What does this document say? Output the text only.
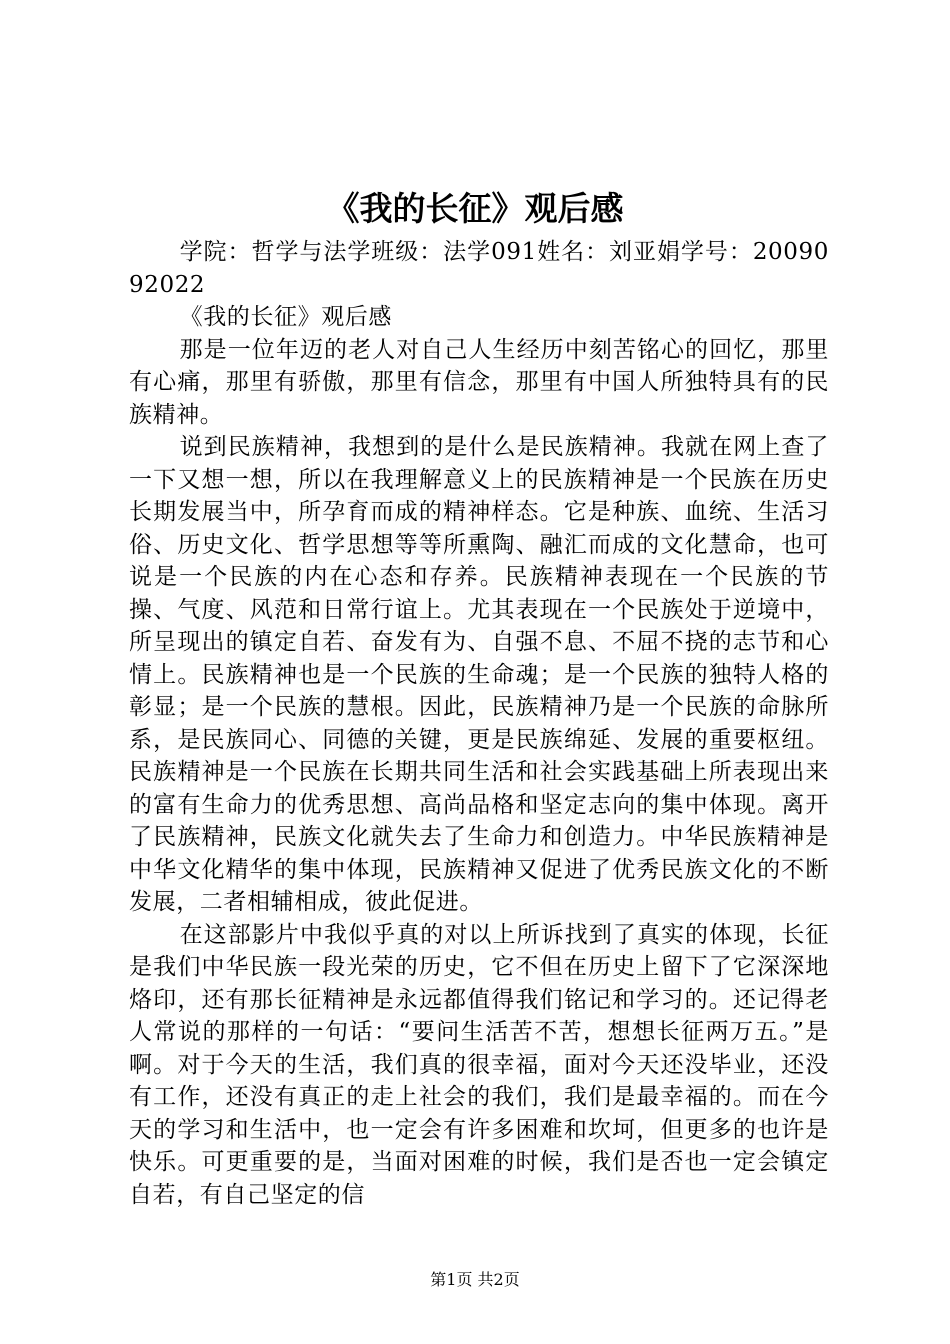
《我的长征》观后感

学院：哲学与法学班级：法学091姓名：刘亚娟学号：2009092022

《我的长征》观后感

那是一位年迈的老人对自己人生经历中刻苦铭心的回忆，那里有心痛，那里有骄傲，那里有信念，那里有中国人所独特具有的民族精神。

说到民族精神，我想到的是什么是民族精神。我就在网上查了一下又想一想，所以在我理解意义上的民族精神是一个民族在历史长期发展当中，所孕育而成的精神样态。它是种族、血统、生活习俗、历史文化、哲学思想等等所熏陶、融汇而成的文化慧命，也可说是一个民族的内在心态和存养。民族精神表现在一个民族的节操、气度、风范和日常行谊上。尤其表现在一个民族处于逆境中，所呈现出的镇定自若、奋发有为、自强不息、不屈不挠的志节和心情上。民族精神也是一个民族的生命魂；是一个民族的独特人格的彰显；是一个民族的慧根。因此，民族精神乃是一个民族的命脉所系，是民族同心、同德的关键，更是民族绵延、发展的重要枢纽。民族精神是一个民族在长期共同生活和社会实践基础上所表现出来的富有生命力的优秀思想、高尚品格和坚定志向的集中体现。离开了民族精神，民族文化就失去了生命力和创造力。中华民族精神是中华文化精华的集中体现，民族精神又促进了优秀民族文化的不断发展，二者相辅相成，彼此促进。

在这部影片中我似乎真的对以上所诉找到了真实的体现，长征是我们中华民族一段光荣的历史，它不但在历史上留下了它深深地烙印，还有那长征精神是永远都值得我们铭记和学习的。还记得老人常说的那样的一句话：“要问生活苦不苦，想想长征两万五。”是啊。对于今天的生活，我们真的很幸福，面对今天还没毕业，还没有工作，还没有真正的走上社会的我们，我们是最幸福的。而在今天的学习和生活中，也一定会有许多困难和坎坷，但更多的也许是快乐。可更重要的是，当面对困难的时候，我们是否也一定会镇定自若，有自己坚定的信

第1页 共2页
